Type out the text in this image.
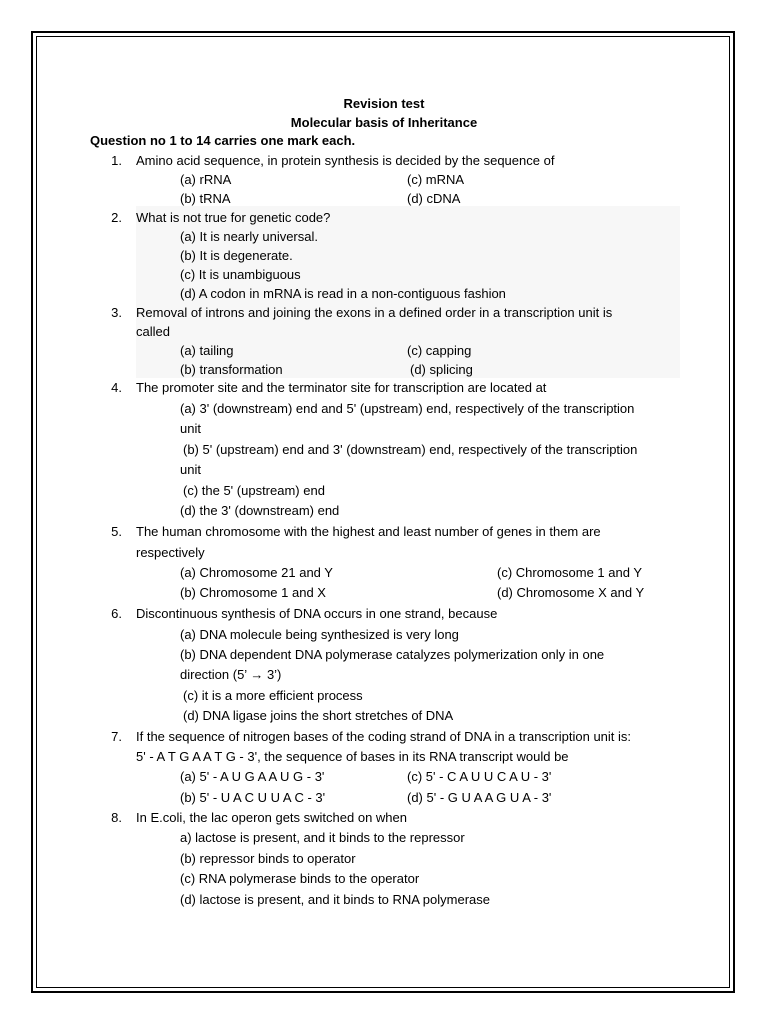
Revision test
Molecular basis of Inheritance
Question no 1 to 14 carries one mark each.
1. Amino acid sequence, in protein synthesis is decided by the sequence of
(a) rRNA	(c) mRNA
(b) tRNA	(d) cDNA
2. What is not true for genetic code?
(a) It is nearly universal.
(b) It is degenerate.
(c) It is unambiguous
(d) A codon in mRNA is read in a non-contiguous fashion
3. Removal of introns and joining the exons in a defined order in a transcription unit is
called
(a) tailing	(c) capping
(b) transformation	(d) splicing
4. The promoter site and the terminator site for transcription are located at
(a) 3' (downstream) end and 5' (upstream) end, respectively of the transcription
unit
(b) 5' (upstream) end and 3' (downstream) end, respectively of the transcription
unit
(c) the 5' (upstream) end
(d) the 3' (downstream) end
5. The human chromosome with the highest and least number of genes in them are
respectively
(a) Chromosome 21 and Y	(c) Chromosome 1 and Y
(b) Chromosome 1 and X	(d) Chromosome X and Y
6. Discontinuous synthesis of DNA occurs in one strand, because
(a) DNA molecule being synthesized is very long
(b) DNA dependent DNA polymerase catalyzes polymerization only in one
direction (5’ → 3’)
(c) it is a more efficient process
(d) DNA ligase joins the short stretches of DNA
7. If the sequence of nitrogen bases of the coding strand of DNA in a transcription unit is:
5' - A T G A A T G - 3', the sequence of bases in its RNA transcript would be
(a) 5' - A U G A A U G - 3'	(c) 5' - C A U U C A U - 3'
(b) 5' - U A C U U A C - 3'	(d) 5' - G U A A G U A - 3'
8. In E.coli, the lac operon gets switched on when
a) lactose is present, and it binds to the repressor
(b) repressor binds to operator
(c) RNA polymerase binds to the operator
(d) lactose is present, and it binds to RNA polymerase
